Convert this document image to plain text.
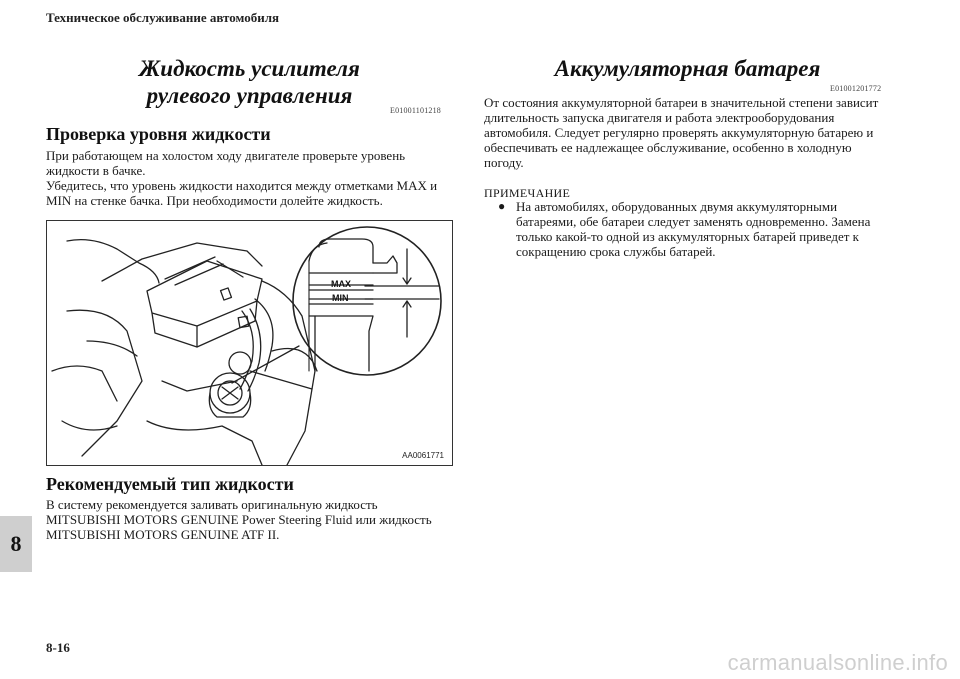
Техническое обслуживание автомобиля
Жидкость усилителя
рулевого управления
E01001101218
Проверка уровня жидкости

При работающем на холостом ходу двигателе проверьте уровень жидкости в бачке.

Убедитесь, что уровень жидкости находится между отметками MAX и MIN на стенке бачка. При необходимости долейте жидкость.

MAX
MIN
AA0061771
Рекомендуемый тип жидкости

В систему рекомендуется заливать оригинальную жидкость MITSUBISHI MOTORS GENUINE Power Steering Fluid или жидкость MITSUBISHI MOTORS GENUINE ATF II.

Аккумуляторная батарея
E01001201772

От состояния аккумуляторной батареи в значительной степени зависит длительность запуска двигателя и работа электрооборудования автомобиля. Следует регулярно проверять аккумуляторную батарею и обеспечивать ее надлежащее обслуживание, особенно в холодную погоду.

ПРИМЕЧАНИЕ
● На автомобилях, оборудованных двумя аккумуляторными батареями, обе батареи следует заменять одновременно. Замена только какой-то одной из аккумуляторных батарей приведет к сокращению срока службы батарей.

8
8-16
carmanualsonline.info
